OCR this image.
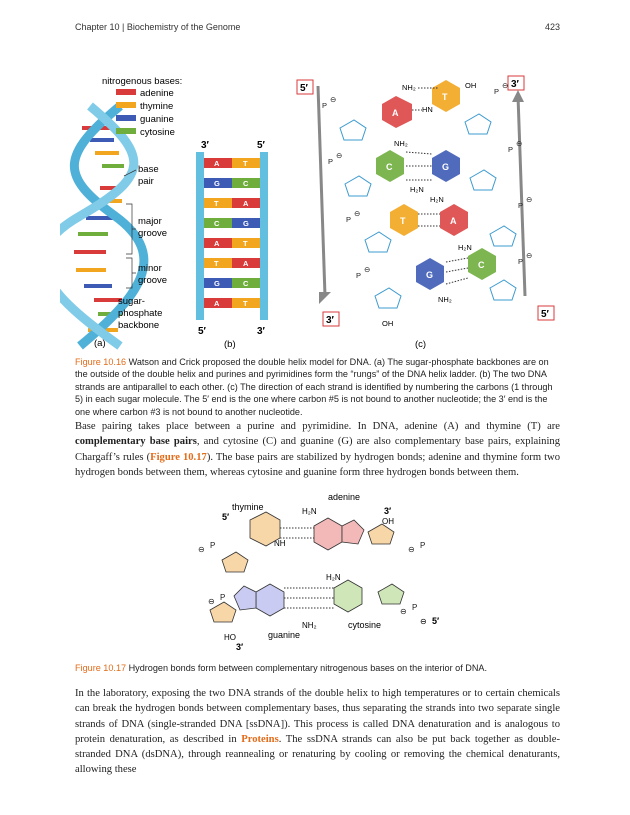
Chapter 10 | Biochemistry of the Genome	423
nitrogenous bases:
adenine
thymine
guanine
cytosine
base
pair
major
groove
minor
groove
sugar-
phosphate
backbone
(a)
3′	5′
A	T
G	C
T	A
C	G
A	T
T	A
G	C
A	T
5′	3′
(b)
5′	3′
3′
5′
P
⊖
P
⊖
P
⊖
P
⊖
P
⊖
P
⊖
P
⊖
P
⊖
A
T
NH₂
HN
OH
C	G
NH₂
H₂N
T	A
H₂N
G
C
H₂N
NH₂
OH
(c)
Figure 10.16 Watson and Crick proposed the double helix model for DNA. (a) The sugar-phosphate backbones are on the outside of the double helix and purines and pyrimidines form the “rungs” of the DNA helix ladder. (b) The two DNA strands are antiparallel to each other. (c) The direction of each strand is identified by numbering the carbons (1 through 5) in each sugar molecule. The 5′ end is the one where carbon #5 is not bound to another nucleotide; the 3′ end is the one where carbon #3 is not bound to another nucleotide.
Base pairing takes place between a purine and pyrimidine. In DNA, adenine (A) and thymine (T) are complementary base pairs, and cytosine (C) and guanine (G) are also complementary base pairs, explaining Chargaff’s rules (Figure 10.17). The base pairs are stabilized by hydrogen bonds; adenine and thymine form two hydrogen bonds between them, whereas cytosine and guanine form three hydrogen bonds between them.
adenine
thymine
5′
3′
OH
H₂N
NH
H₂N
NH₂
HO
3′
5′
⊖
P
⊖	P
⊖
P
⊖
P
⊖
guanine
cytosine
Figure 10.17 Hydrogen bonds form between complementary nitrogenous bases on the interior of DNA.
In the laboratory, exposing the two DNA strands of the double helix to high temperatures or to certain chemicals can break the hydrogen bonds between complementary bases, thus separating the strands into two separate single strands of DNA (single-stranded DNA [ssDNA]). This process is called DNA denaturation and is analogous to protein denaturation, as described in Proteins. The ssDNA strands can also be put back together as double-stranded DNA (dsDNA), through reannealing or renaturing by cooling or removing the chemical denaturants, allowing these
